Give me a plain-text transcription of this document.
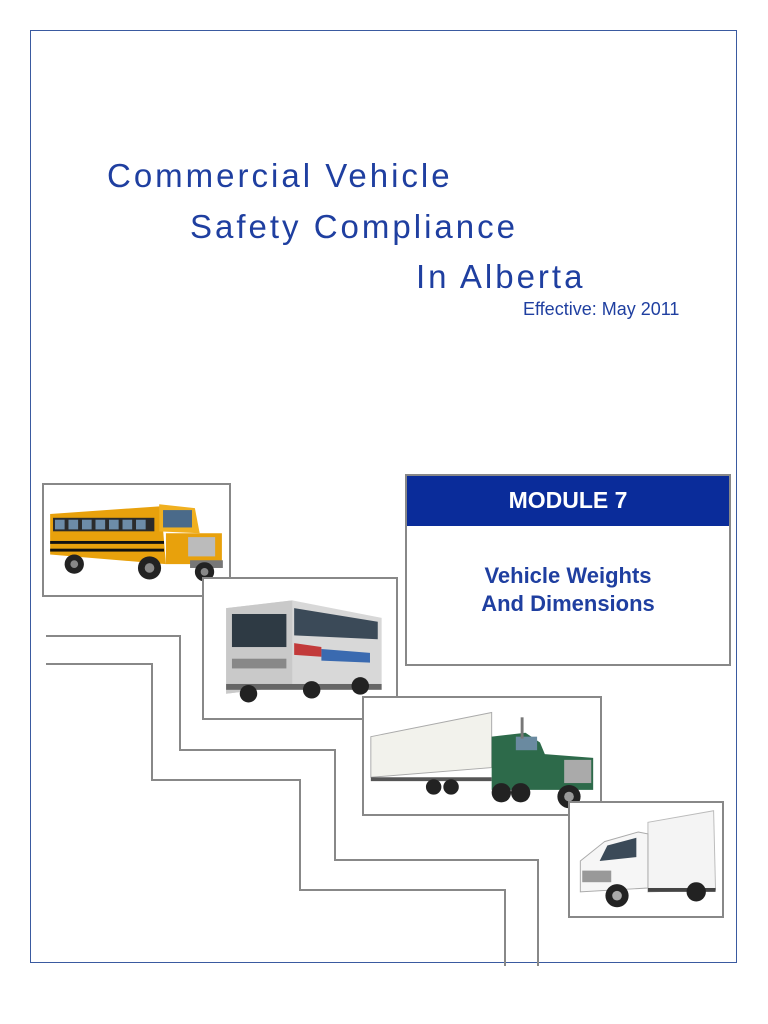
Commercial Vehicle
Safety Compliance
In Alberta
Effective: May 2011
MODULE 7
Vehicle Weights
And Dimensions
